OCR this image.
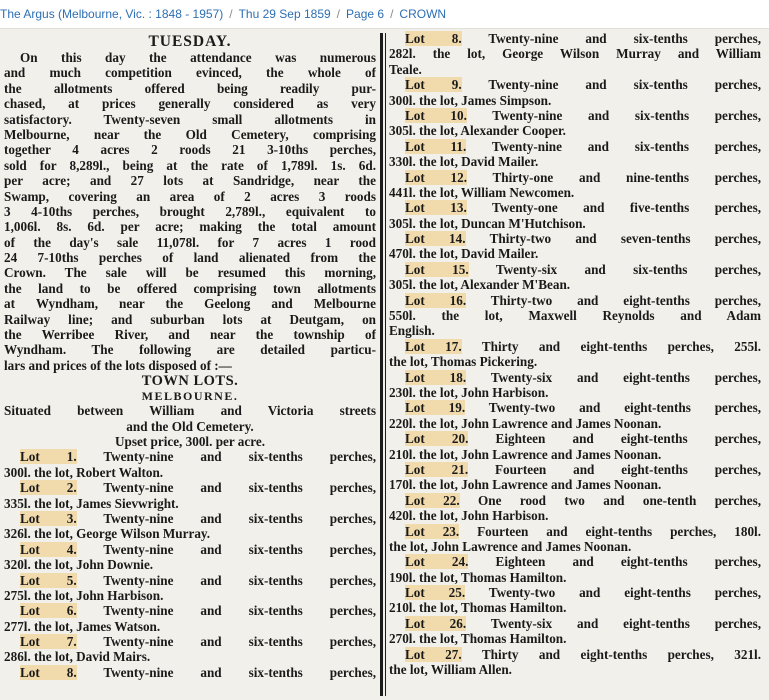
The Argus (Melbourne, Vic. : 1848 - 1957) / Thu 29 Sep 1859 / Page 6 / CROWN
TUESDAY.
On this day the attendance was numerous
and much competition evinced, the whole of
the allotments offered being readily pur-
chased, at prices generally considered as very
satisfactory. Twenty-seven small allotments in
Melbourne, near the Old Cemetery, comprising
together 4 acres 2 roods 21 3-10ths perches,
sold for 8,289l., being at the rate of 1,789l. 1s. 6d.
per acre; and 27 lots at Sandridge, near the
Swamp, covering an area of 2 acres 3 roods
3 4-10ths perches, brought 2,789l., equivalent to
1,006l. 8s. 6d. per acre; making the total amount
of the day's sale 11,078l. for 7 acres 1 rood
24 7-10ths perches of land alienated from the
Crown. The sale will be resumed this morning,
the land to be offered comprising town allotments
at Wyndham, near the Geelong and Melbourne
Railway line; and suburban lots at Deutgam, on
the Werribee River, and near the township of
Wyndham. The following are detailed particu-
lars and prices of the lots disposed of :—
TOWN LOTS.
MELBOURNE.
Situated between William and Victoria streets
and the Old Cemetery.
Upset price, 300l. per acre.
Lot 1. Twenty-nine and six-tenths perches,
300l. the lot, Robert Walton.
Lot 2. Twenty-nine and six-tenths perches,
335l. the lot, James Sievwright.
Lot 3. Twenty-nine and six-tenths perches,
326l. the lot, George Wilson Murray.
Lot 4. Twenty-nine and six-tenths perches,
320l. the lot, John Downie.
Lot 5. Twenty-nine and six-tenths perches,
275l. the lot, John Harbison.
Lot 6. Twenty-nine and six-tenths perches,
277l. the lot, James Watson.
Lot 7. Twenty-nine and six-tenths perches,
286l. the lot, David Mairs.
Lot 8. Twenty-nine and six-tenths perches,
Lot 8. Twenty-nine and six-tenths perches,
282l. the lot, George Wilson Murray and William
Teale.
Lot 9. Twenty-nine and six-tenths perches,
300l. the lot, James Simpson.
Lot 10. Twenty-nine and six-tenths perches,
305l. the lot, Alexander Cooper.
Lot 11. Twenty-nine and six-tenths perches,
330l. the lot, David Mailer.
Lot 12. Thirty-one and nine-tenths perches,
441l. the lot, William Newcomen.
Lot 13. Twenty-one and five-tenths perches,
305l. the lot, Duncan M'Hutchison.
Lot 14. Thirty-two and seven-tenths perches,
470l. the lot, David Mailer.
Lot 15. Twenty-six and six-tenths perches,
305l. the lot, Alexander M'Bean.
Lot 16. Thirty-two and eight-tenths perches,
550l. the lot, Maxwell Reynolds and Adam
English.
Lot 17. Thirty and eight-tenths perches, 255l.
the lot, Thomas Pickering.
Lot 18. Twenty-six and eight-tenths perches,
230l. the lot, John Harbison.
Lot 19. Twenty-two and eight-tenths perches,
220l. the lot, John Lawrence and James Noonan.
Lot 20. Eighteen and eight-tenths perches,
210l. the lot, John Lawrence and James Noonan.
Lot 21. Fourteen and eight-tenths perches,
170l. the lot, John Lawrence and James Noonan.
Lot 22. One rood two and one-tenth perches,
420l. the lot, John Harbison.
Lot 23. Fourteen and eight-tenths perches, 180l.
the lot, John Lawrence and James Noonan.
Lot 24. Eighteen and eight-tenths perches,
190l. the lot, Thomas Hamilton.
Lot 25. Twenty-two and eight-tenths perches,
210l. the lot, Thomas Hamilton.
Lot 26. Twenty-six and eight-tenths perches,
270l. the lot, Thomas Hamilton.
Lot 27. Thirty and eight-tenths perches, 321l.
the lot, William Allen.
